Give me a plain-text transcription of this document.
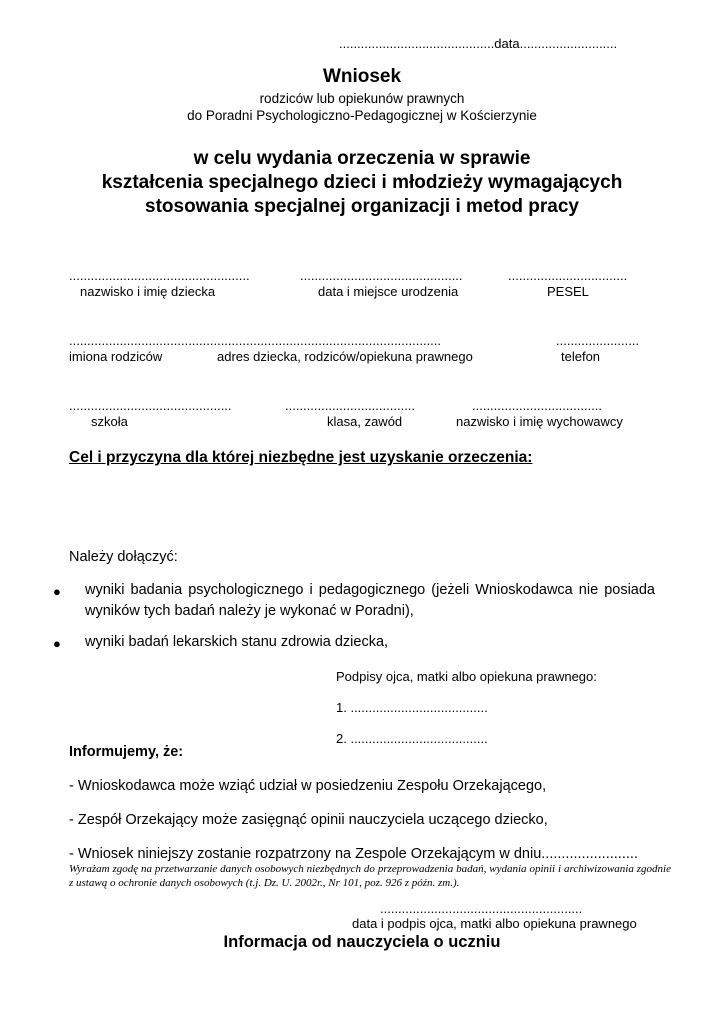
...........................................data...........................
Wniosek
rodziców lub opiekunów prawnych
do Poradni Psychologiczno-Pedagogicznej w Kościerzynie
w celu wydania orzeczenia w sprawie
kształcenia specjalnego dzieci i młodzieży wymagających
stosowania specjalnej organizacji i metod pracy
..................................................
nazwisko i imię dziecka
.............................................
data i miejsce urodzenia
.................................
PESEL
.......................................................................................................
imiona rodziców	adres dziecka, rodziców/opiekuna prawnego
.......................
telefon
.............................................
szkoła
....................................
klasa, zawód
....................................
nazwisko i imię wychowawcy
Cel i przyczyna dla której niezbędne jest uzyskanie orzeczenia:
Należy dołączyć:
● wyniki badania psychologicznego i pedagogicznego (jeżeli Wnioskodawca nie posiada wyników tych badań należy je wykonać w Poradni),
● wyniki badań lekarskich stanu zdrowia dziecka,
Podpisy ojca, matki albo opiekuna prawnego:
1. ......................................
2. ......................................
Informujemy, że:
- Wnioskodawca może wziąć udział w posiedzeniu Zespołu Orzekającego,
- Zespół Orzekający może zasięgnąć opinii nauczyciela uczącego dziecko,
- Wniosek niniejszy zostanie rozpatrzony na Zespole Orzekającym w dniu........................
Wyrażam zgodę na przetwarzanie danych osobowych niezbędnych do przeprowadzenia badań, wydania opinii i archiwizowania zgodnie z ustawą o ochronie danych osobowych (t.j. Dz. U. 2002r., Nr 101, poz. 926 z późn. zm.).
........................................................
data i podpis ojca, matki albo opiekuna prawnego
Informacja od nauczyciela o uczniu
